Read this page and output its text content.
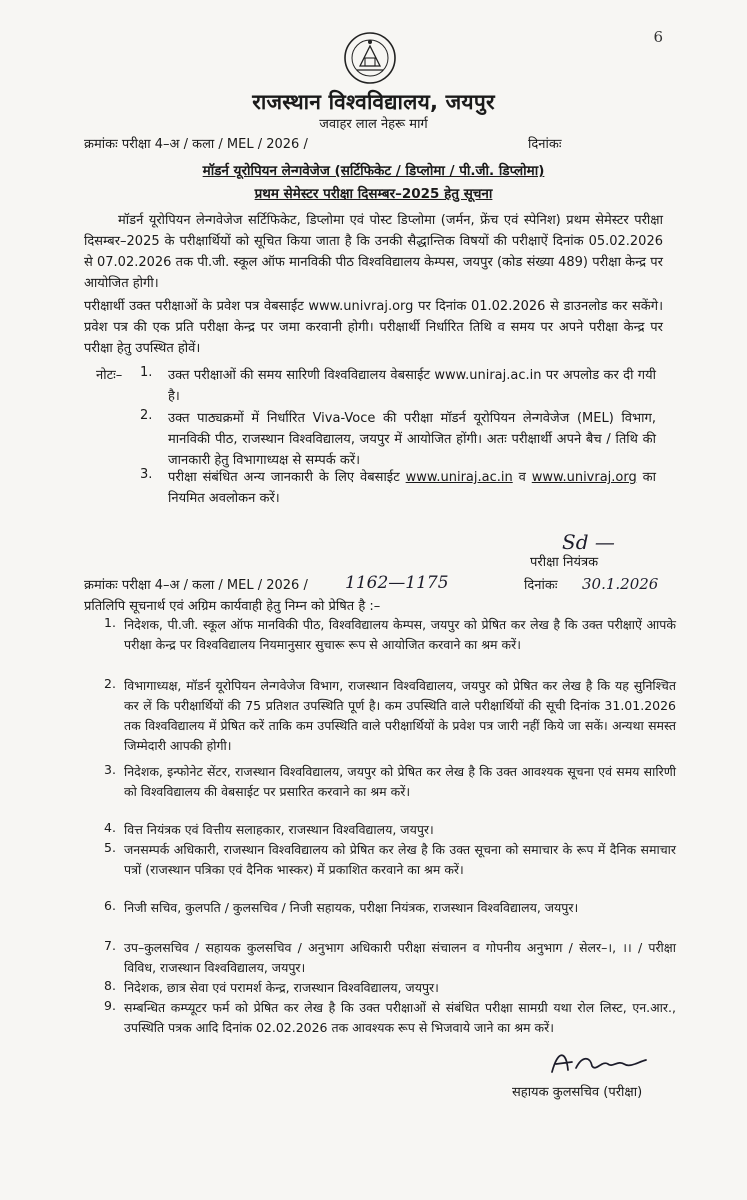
6
राजस्थान विश्वविद्यालय, जयपुर
जवाहर लाल नेहरू मार्ग
क्रमांकः परीक्षा 4–अ / कला / MEL / 2026 /	दिनांकः
मॉडर्न यूरोपियन लेन्गवेजेज (सर्टिफिकेट / डिप्लोमा / पी.जी. डिप्लोमा)
प्रथम सेमेस्टर परीक्षा दिसम्बर–2025 हेतु सूचना
मॉडर्न यूरोपियन लेन्गवेजेज सर्टिफिकेट, डिप्लोमा एवं पोस्ट डिप्लोमा (जर्मन, फ्रेंच एवं स्पेनिश) प्रथम सेमेस्टर परीक्षा दिसम्बर–2025 के परीक्षार्थियों को सूचित किया जाता है कि उनकी सैद्धान्तिक विषयों की परीक्षाऐं दिनांक 05.02.2026 से 07.02.2026 तक पी.जी. स्कूल ऑफ मानविकी पीठ विश्वविद्यालय केम्पस, जयपुर (कोड संख्या 489) परीक्षा केन्द्र पर आयोजित होगी।
परीक्षार्थी उक्त परीक्षाओं के प्रवेश पत्र वेबसाईट www.univraj.org पर दिनांक 01.02.2026 से डाउनलोड कर सकेंगे। प्रवेश पत्र की एक प्रति परीक्षा केन्द्र पर जमा करवानी होगी। परीक्षार्थी निर्धारित तिथि व समय पर अपने परीक्षा केन्द्र पर परीक्षा हेतु उपस्थित होवें।
नोटः– 1. उक्त परीक्षाओं की समय सारिणी विश्वविद्यालय वेबसाईट www.uniraj.ac.in पर अपलोड कर दी गयी है।
2. उक्त पाठ्यक्रमों में निर्धारित Viva-Voce की परीक्षा मॉडर्न यूरोपियन लेन्गवेजेज (MEL) विभाग, मानविकी पीठ, राजस्थान विश्वविद्यालय, जयपुर में आयोजित होंगी। अतः परीक्षार्थी अपने बैच / तिथि की जानकारी हेतु विभागाध्यक्ष से सम्पर्क करें।
3. परीक्षा संबंधित अन्य जानकारी के लिए वेबसाईट www.uniraj.ac.in व www.univraj.org का नियमित अवलोकन करें।
Sd —
परीक्षा नियंत्रक
क्रमांकः परीक्षा 4–अ / कला / MEL / 2026 / 1162—1175	दिनांकः 30.1.2026
प्रतिलिपि सूचनार्थ एवं अग्रिम कार्यवाही हेतु निम्न को प्रेषित है :–
1. निदेशक, पी.जी. स्कूल ऑफ मानविकी पीठ, विश्वविद्यालय केम्पस, जयपुर को प्रेषित कर लेख है कि उक्त परीक्षाऐं आपके परीक्षा केन्द्र पर विश्वविद्यालय नियमानुसार सुचारू रूप से आयोजित करवाने का श्रम करें।
2. विभागाध्यक्ष, मॉडर्न यूरोपियन लेन्गवेजेज विभाग, राजस्थान विश्वविद्यालय, जयपुर को प्रेषित कर लेख है कि यह सुनिश्चित कर लें कि परीक्षार्थियों की 75 प्रतिशत उपस्थिति पूर्ण है। कम उपस्थिति वाले परीक्षार्थियों की सूची दिनांक 31.01.2026 तक विश्वविद्यालय में प्रेषित करें ताकि कम उपस्थिति वाले परीक्षार्थियों के प्रवेश पत्र जारी नहीं किये जा सकें। अन्यथा समस्त जिम्मेदारी आपकी होगी।
3. निदेशक, इन्फोनेट सेंटर, राजस्थान विश्वविद्यालय, जयपुर को प्रेषित कर लेख है कि उक्त आवश्यक सूचना एवं समय सारिणी को विश्वविद्यालय की वेबसाईट पर प्रसारित करवाने का श्रम करें।
4. वित्त नियंत्रक एवं वित्तीय सलाहकार, राजस्थान विश्वविद्यालय, जयपुर।
5. जनसम्पर्क अधिकारी, राजस्थान विश्वविद्यालय को प्रेषित कर लेख है कि उक्त सूचना को समाचार के रूप में दैनिक समाचार पत्रों (राजस्थान पत्रिका एवं दैनिक भास्कर) में प्रकाशित करवाने का श्रम करें।
6. निजी सचिव, कुलपति / कुलसचिव / निजी सहायक, परीक्षा नियंत्रक, राजस्थान विश्वविद्यालय, जयपुर।
7. उप–कुलसचिव / सहायक कुलसचिव / अनुभाग अधिकारी परीक्षा संचालन व गोपनीय अनुभाग / सेलर–।, ।। / परीक्षा विविध, राजस्थान विश्वविद्यालय, जयपुर।
8. निदेशक, छात्र सेवा एवं परामर्श केन्द्र, राजस्थान विश्वविद्यालय, जयपुर।
9. सम्बन्धित कम्प्यूटर फर्म को प्रेषित कर लेख है कि उक्त परीक्षाओं से संबंधित परीक्षा सामग्री यथा रोल लिस्ट, एन.आर., उपस्थिति पत्रक आदि दिनांक 02.02.2026 तक आवश्यक रूप से भिजवाये जाने का श्रम करें।
सहायक कुलसचिव (परीक्षा)
